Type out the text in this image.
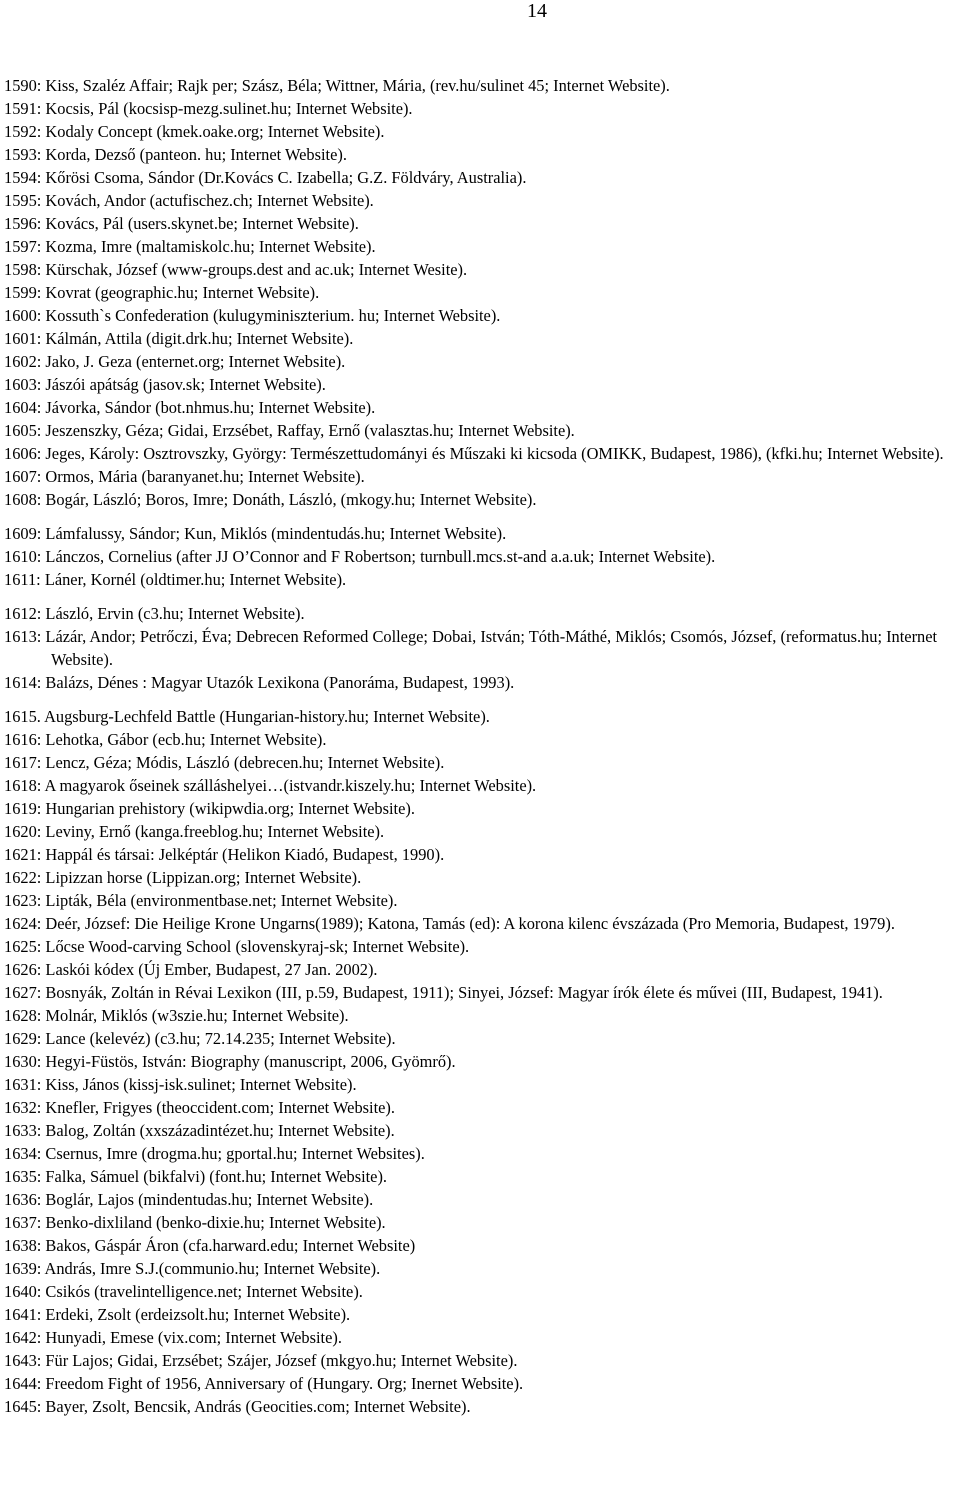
14
1590: Kiss, Szaléz Affair; Rajk per; Szász, Béla; Wittner, Mária, (rev.hu/sulinet 45; Internet Website).
1591: Kocsis, Pál (kocsisp-mezg.sulinet.hu; Internet Website).
1592: Kodaly Concept (kmek.oake.org; Internet Website).
1593: Korda, Dezső (panteon. hu; Internet Website).
1594: Kőrösi Csoma, Sándor (Dr.Kovács C. Izabella; G.Z. Földváry, Australia).
1595: Kovách, Andor (actufischez.ch; Internet Website).
1596: Kovács, Pál (users.skynet.be; Internet Website).
1597: Kozma, Imre (maltamiskolc.hu; Internet Website).
1598: Kürschak, József (www-groups.dest and ac.uk; Internet Wesite).
1599: Kovrat (geographic.hu; Internet Website).
1600: Kossuth`s Confederation (kulugyminiszterium. hu; Internet Website).
1601: Kálmán, Attila (digit.drk.hu; Internet Website).
1602: Jako, J. Geza (enternet.org; Internet Website).
1603: Jászói apátság (jasov.sk; Internet Website).
1604: Jávorka, Sándor (bot.nhmus.hu; Internet Website).
1605: Jeszenszky, Géza; Gidai, Erzsébet, Raffay, Ernő (valasztas.hu; Internet Website).
1606: Jeges, Károly: Osztrovszky, György: Természettudományi és Műszaki ki kicsoda (OMIKK, Budapest, 1986), (kfki.hu; Internet Website).
1607: Ormos, Mária (baranyanet.hu; Internet Website).
1608: Bogár, László; Boros, Imre; Donáth, Lászlό, (mkogy.hu; Internet Website).
1609: Lámfalussy, Sándor; Kun, Miklós (mindentudás.hu; Internet Website).
1610: Lánczos, Cornelius (after JJ O’Connor and F Robertson; turnbull.mcs.st-and a.a.uk; Internet Website).
1611: Láner, Kornél (oldtimer.hu; Internet Website).
1612: László, Ervin (c3.hu; Internet Website).
1613: Lázár, Andor; Petrőczi, Éva; Debrecen Reformed College; Dobai, István; Tóth-Máthé, Miklós; Csomós, József, (reformatus.hu; Internet Website).
1614: Balázs, Dénes : Magyar Utazók Lexikona (Panoráma, Budapest, 1993).
1615. Augsburg-Lechfeld Battle (Hungarian-history.hu; Internet Website).
1616: Lehotka, Gábor (ecb.hu; Internet Website).
1617: Lencz, Géza; Módis, László (debrecen.hu; Internet Website).
1618: A magyarok őseinek szálláshelyei…(istvandr.kiszely.hu; Internet Website).
1619: Hungarian prehistory (wikipwdia.org; Internet Website).
1620: Leviny, Ernő (kanga.freeblog.hu; Internet Website).
1621: Happál és társai: Jelképtár (Helikon Kiadó, Budapest, 1990).
1622: Lipizzan horse (Lippizan.org; Internet Website).
1623: Lipták, Béla (environmentbase.net; Internet Website).
1624: Deér, József: Die Heilige Krone Ungarns(1989); Katona, Tamás (ed): A korona kilenc évszázada (Pro Memoria, Budapest, 1979).
1625: Lőcse Wood-carving School (slovenskyraj-sk; Internet Website).
1626: Laskói kódex (Új Ember, Budapest, 27 Jan. 2002).
1627: Bosnyák, Zoltán in Révai Lexikon (III, p.59, Budapest, 1911); Sinyei, József: Magyar írók élete és művei (III, Budapest, 1941).
1628: Molnár, Miklós (w3szie.hu; Internet Website).
1629: Lance (kelevéz) (c3.hu; 72.14.235; Internet Website).
1630: Hegyi-Füstös, István: Biography (manuscript, 2006, Gyömrő).
1631: Kiss, János (kissj-isk.sulinet; Internet Website).
1632: Knefler, Frigyes (theoccident.com; Internet Website).
1633: Balog, Zoltán (xxszázadintézet.hu; Internet Website).
1634: Csernus, Imre (drogma.hu; gportal.hu; Internet Websites).
1635: Falka, Sámuel (bikfalvi) (font.hu; Internet Website).
1636: Boglár, Lajos (mindentudas.hu; Internet Website).
1637: Benko-dixliland (benko-dixie.hu; Internet Website).
1638: Bakos, Gáspár Áron (cfa.harward.edu; Internet Website)
1639: András, Imre S.J.(communio.hu; Internet Website).
1640: Csikós (travelintelligence.net; Internet Website).
1641: Erdeki, Zsolt (erdeizsolt.hu; Internet Website).
1642: Hunyadi, Emese (vix.com; Internet Website).
1643: Für Lajos; Gidai, Erzsébet; Szájer, József (mkgyo.hu; Internet Website).
1644: Freedom Fight of 1956, Anniversary of (Hungary. Org; Inernet Website).
1645: Bayer, Zsolt, Bencsik, András (Geocities.com; Internet Website).
